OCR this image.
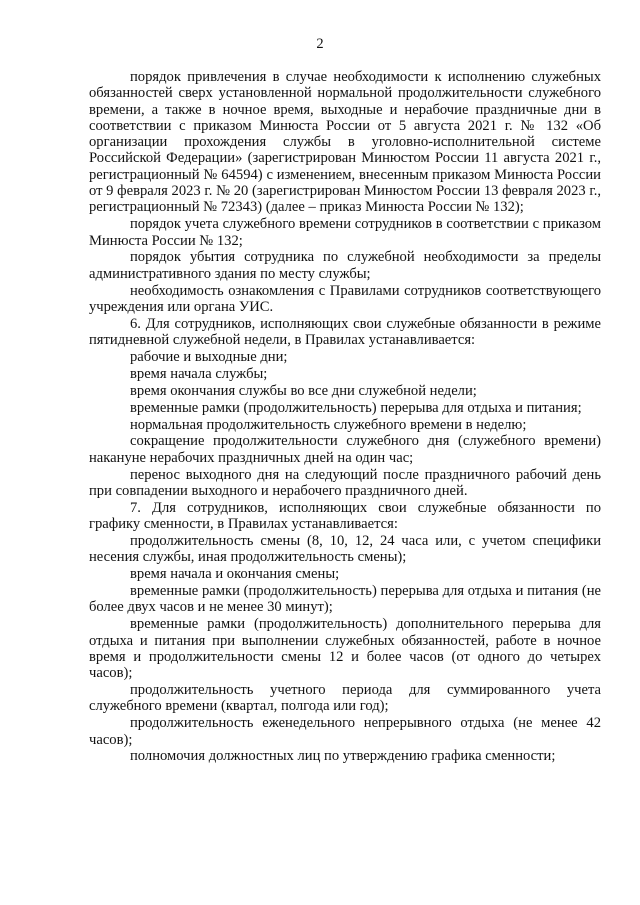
2

порядок привлечения в случае необходимости к исполнению служебных обязанностей сверх установленной нормальной продолжительности служебного времени, а также в ночное время, выходные и нерабочие праздничные дни в соответствии с приказом Минюста России от 5 августа 2021 г. № 132 «Об организации прохождения службы в уголовно-исполнительной системе Российской Федерации» (зарегистрирован Минюстом России 11 августа 2021 г., регистрационный № 64594) с изменением, внесенным приказом Минюста России от 9 февраля 2023 г. № 20 (зарегистрирован Минюстом России 13 февраля 2023 г., регистрационный № 72343) (далее – приказ Минюста России № 132);

порядок учета служебного времени сотрудников в соответствии с приказом Минюста России № 132;

порядок убытия сотрудника по служебной необходимости за пределы административного здания по месту службы;

необходимость ознакомления с Правилами сотрудников соответствующего учреждения или органа УИС.

6. Для сотрудников, исполняющих свои служебные обязанности в режиме пятидневной служебной недели, в Правилах устанавливается:

рабочие и выходные дни;

время начала службы;

время окончания службы во все дни служебной недели;

временные рамки (продолжительность) перерыва для отдыха и питания;

нормальная продолжительность служебного времени в неделю;

сокращение продолжительности служебного дня (служебного времени) накануне нерабочих праздничных дней на один час;

перенос выходного дня на следующий после праздничного рабочий день при совпадении выходного и нерабочего праздничного дней.

7. Для сотрудников, исполняющих свои служебные обязанности по графику сменности, в Правилах устанавливается:

продолжительность смены (8, 10, 12, 24 часа или, с учетом специфики несения службы, иная продолжительность смены);

время начала и окончания смены;

временные рамки (продолжительность) перерыва для отдыха и питания (не более двух часов и не менее 30 минут);

временные рамки (продолжительность) дополнительного перерыва для отдыха и питания при выполнении служебных обязанностей, работе в ночное время и продолжительности смены 12 и более часов (от одного до четырех часов);

продолжительность учетного периода для суммированного учета служебного времени (квартал, полгода или год);

продолжительность еженедельного непрерывного отдыха (не менее 42 часов);

полномочия должностных лиц по утверждению графика сменности;
